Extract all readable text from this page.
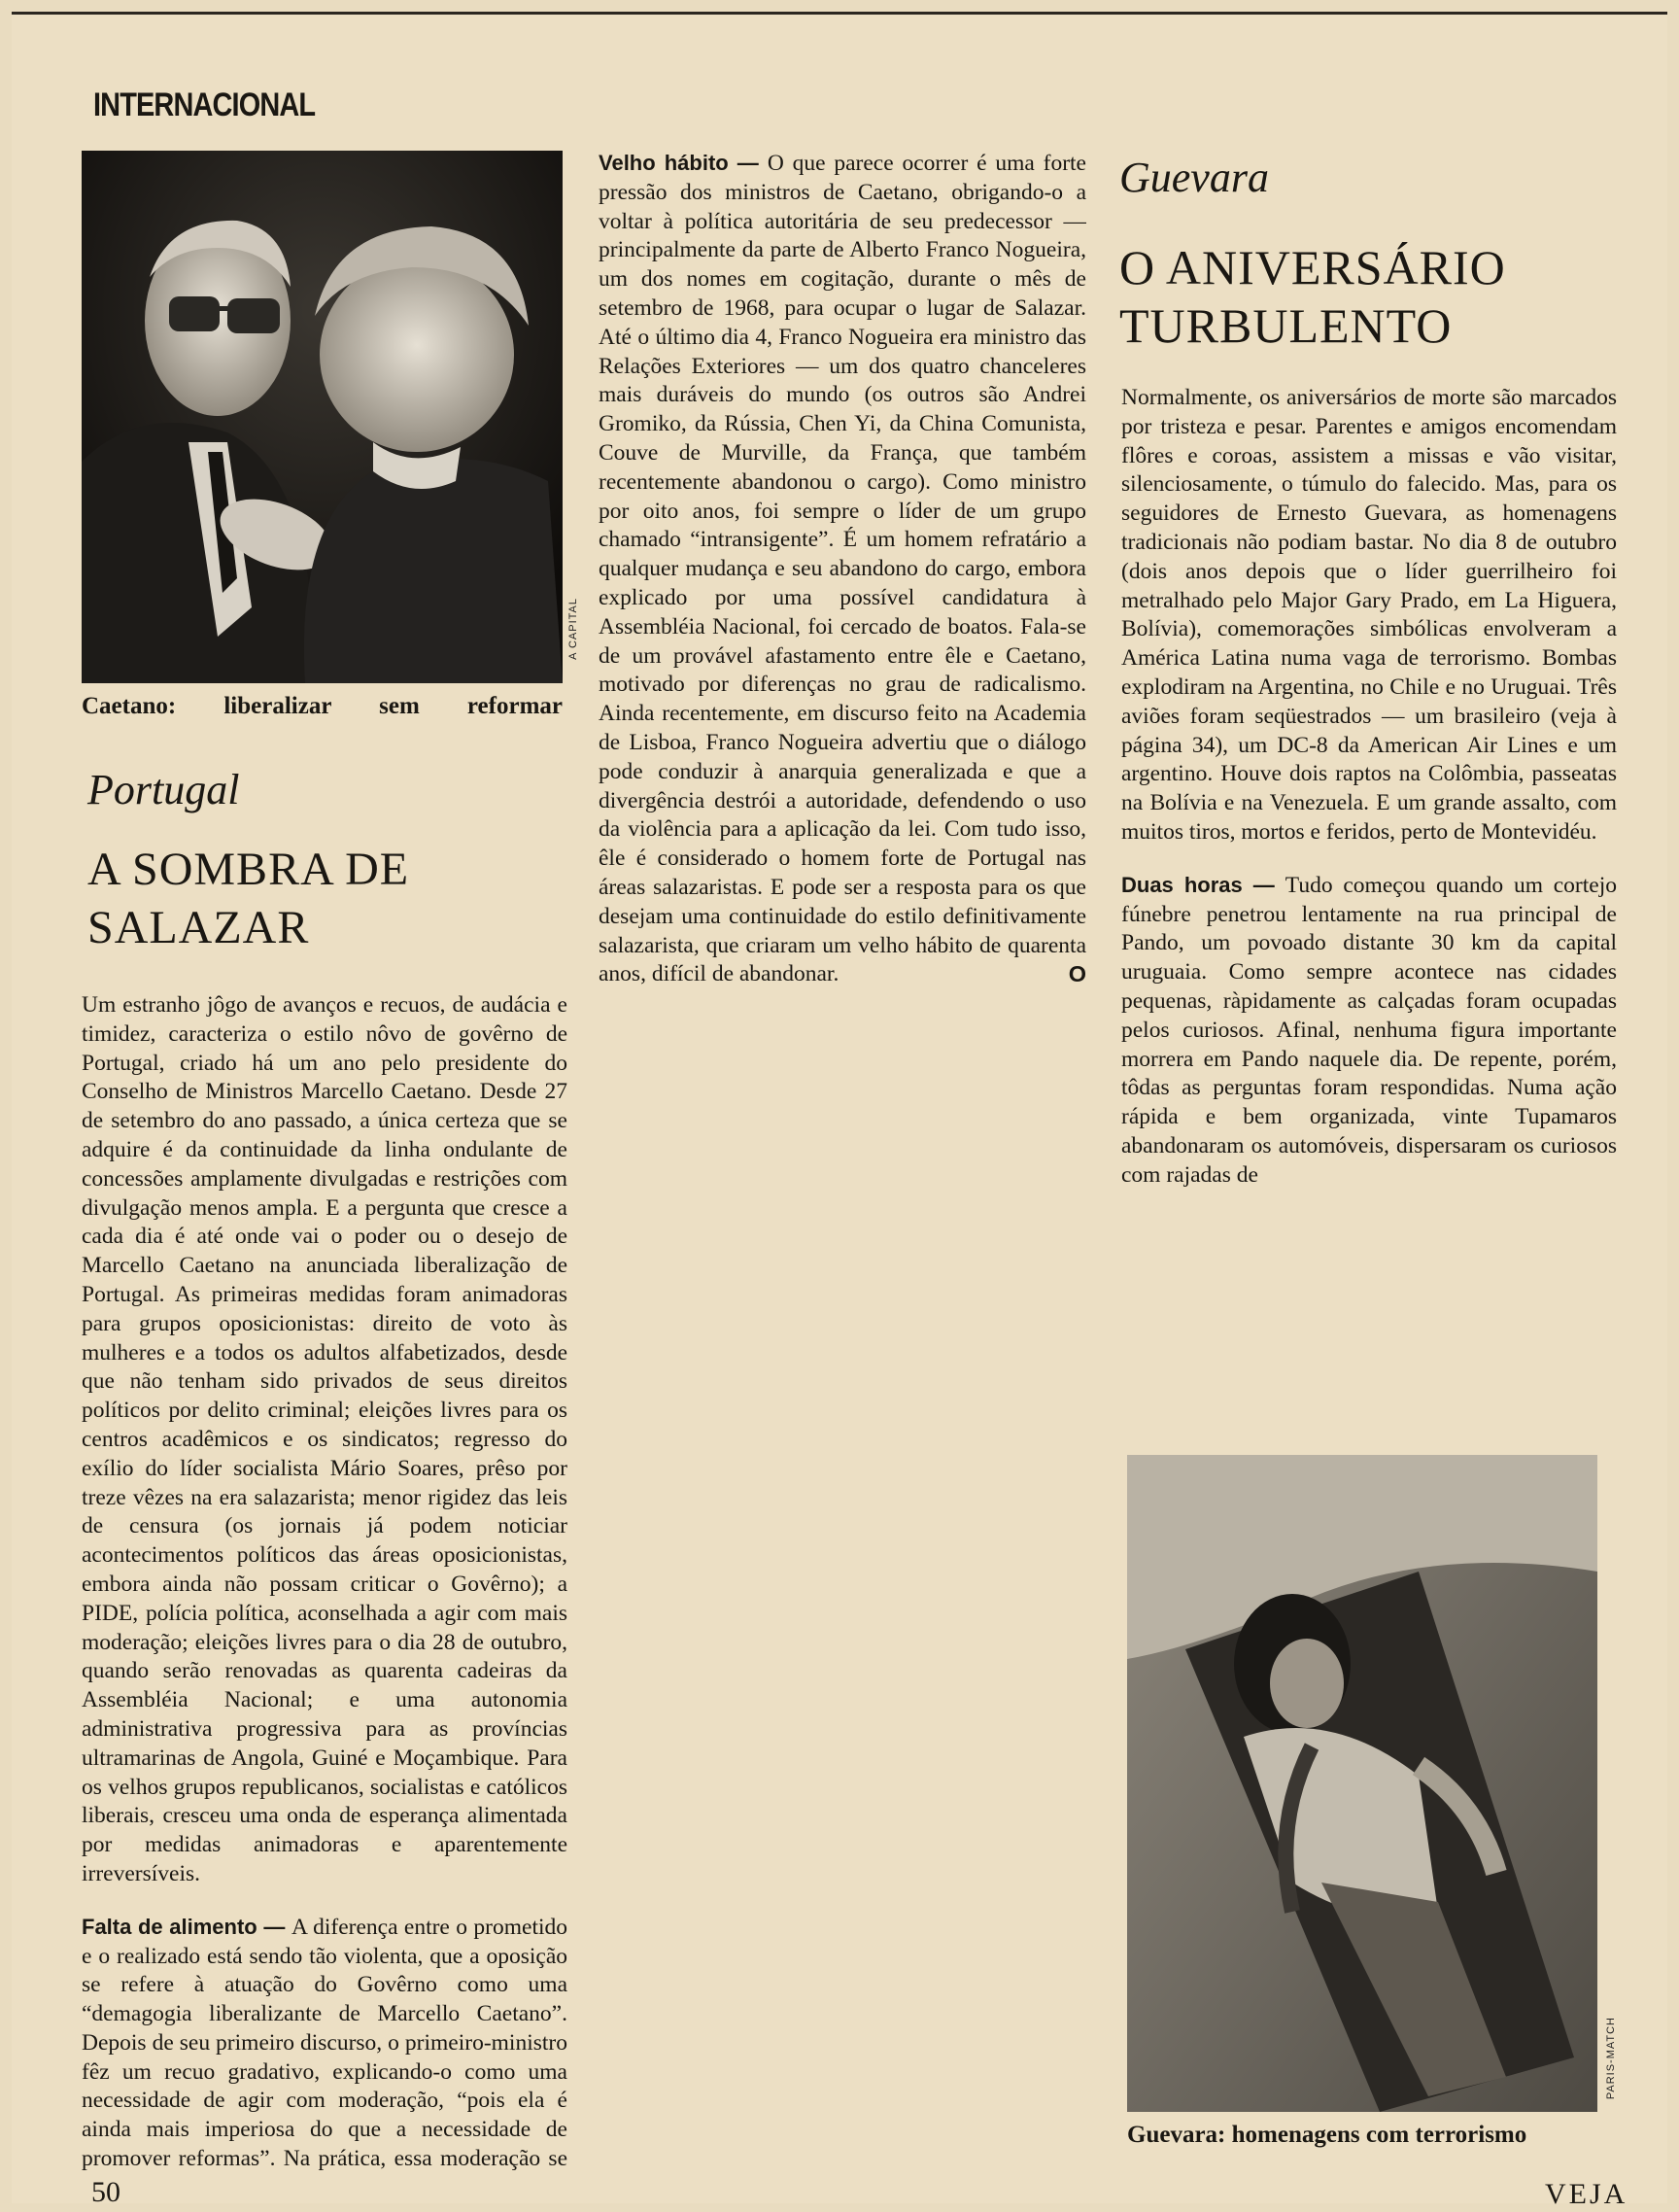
INTERNACIONAL
A CAPITAL
Caetano: liberalizar sem reformar
Portugal
A SOMBRA DE
SALAZAR

Um estranho jôgo de avanços e recuos, de audácia e timidez, caracteriza o estilo nôvo de govêrno de Portugal, criado há um ano pelo presidente do Conselho de Ministros Marcello Caetano. Desde 27 de setembro do ano passado, a única certeza que se adquire é da continuidade da linha ondulante de concessões amplamente divulgadas e restrições com divulgação menos ampla. E a pergunta que cresce a cada dia é até onde vai o poder ou o desejo de Marcello Caetano na anunciada liberalização de Portugal. As primeiras medidas foram animadoras para grupos oposicionistas: direito de voto às mulheres e a todos os adultos alfabetizados, desde que não tenham sido privados de seus direitos políticos por delito criminal; eleições livres para os centros acadêmicos e os sindicatos; regresso do exílio do líder socialista Mário Soares, prêso por treze vêzes na era salazarista; menor rigidez das leis de censura (os jornais já podem noticiar acontecimentos políticos das áreas oposicionistas, embora ainda não possam criticar o Govêrno); a PIDE, polícia política, aconselhada a agir com mais moderação; eleições livres para o dia 28 de outubro, quando serão renovadas as quarenta cadeiras da Assembléia Nacional; e uma autonomia administrativa progressiva para as províncias ultramarinas de Angola, Guiné e Moçambique. Para os velhos grupos republicanos, socialistas e católicos liberais, cresceu uma onda de esperança alimentada por medidas animadoras e aparentemente irreversíveis.

Falta de alimento — A diferença entre o prometido e o realizado está sendo tão violenta, que a oposição se refere à atuação do Govêrno como uma “demagogia liberalizante de Marcello Caetano”. Depois de seu primeiro discurso, o primeiro-ministro fêz um recuo gradativo, explicando-o como uma necessidade de agir com moderação, “pois ela é ainda mais imperiosa do que a necessidade de promover reformas”. Na prática, essa moderação se

Velho hábito — O que parece ocorrer é uma forte pressão dos ministros de Caetano, obrigando-o a voltar à política autoritária de seu predecessor — principalmente da parte de Alberto Franco Nogueira, um dos nomes em cogitação, durante o mês de setembro de 1968, para ocupar o lugar de Salazar. Até o último dia 4, Franco Nogueira era ministro das Relações Exteriores — um dos quatro chanceleres mais duráveis do mundo (os outros são Andrei Gromiko, da Rússia, Chen Yi, da China Comunista, Couve de Murville, da França, que também recentemente abandonou o cargo). Como ministro por oito anos, foi sempre o líder de um grupo chamado “intransigente”. É um homem refratário a qualquer mudança e seu abandono do cargo, embora explicado por uma possível candidatura à Assembléia Nacional, foi cercado de boatos. Fala-se de um provável afastamento entre êle e Caetano, motivado por diferenças no grau de radicalismo. Ainda recentemente, em discurso feito na Academia de Lisboa, Franco Nogueira advertiu que o diálogo pode conduzir à anarquia generalizada e que a divergência destrói a autoridade, defendendo o uso da violência para a aplicação da lei. Com tudo isso, êle é considerado o homem forte de Portugal nas áreas salazaristas. E pode ser a resposta para os que desejam uma continuidade do estilo definitivamente salazarista, que criaram um velho hábito de quarenta anos, difícil de abandonar.	O

Guevara
O ANIVERSÁRIO
TURBULENTO

Normalmente, os aniversários de morte são marcados por tristeza e pesar. Parentes e amigos encomendam flôres e coroas, assistem a missas e vão visitar, silenciosamente, o túmulo do falecido. Mas, para os seguidores de Ernesto Guevara, as homenagens tradicionais não podiam bastar. No dia 8 de outubro (dois anos depois que o líder guerrilheiro foi metralhado pelo Major Gary Prado, em La Higuera, Bolívia), comemorações simbólicas envolveram a América Latina numa vaga de terrorismo. Bombas explodiram na Argentina, no Chile e no Uruguai. Três aviões foram seqüestrados — um brasileiro (veja à página 34), um DC-8 da American Air Lines e um argentino. Houve dois raptos na Colômbia, passeatas na Bolívia e na Venezuela. E um grande assalto, com muitos tiros, mortos e feridos, perto de Montevidéu.

Duas horas — Tudo começou quando um cortejo fúnebre penetrou lentamente na rua principal de Pando, um povoado distante 30 km da capital uruguaia. Como sempre acontece nas cidades pequenas, ràpidamente as calçadas foram ocupadas pelos curiosos. Afinal, nenhuma figura importante morrera em Pando naquele dia. De repente, porém, tôdas as perguntas foram respondidas. Numa ação rápida e bem organizada, vinte Tupamaros abandonaram os automóveis, dispersaram os curiosos com rajadas de

PARIS-MATCH
Guevara: homenagens com terrorismo
50	VEJA
